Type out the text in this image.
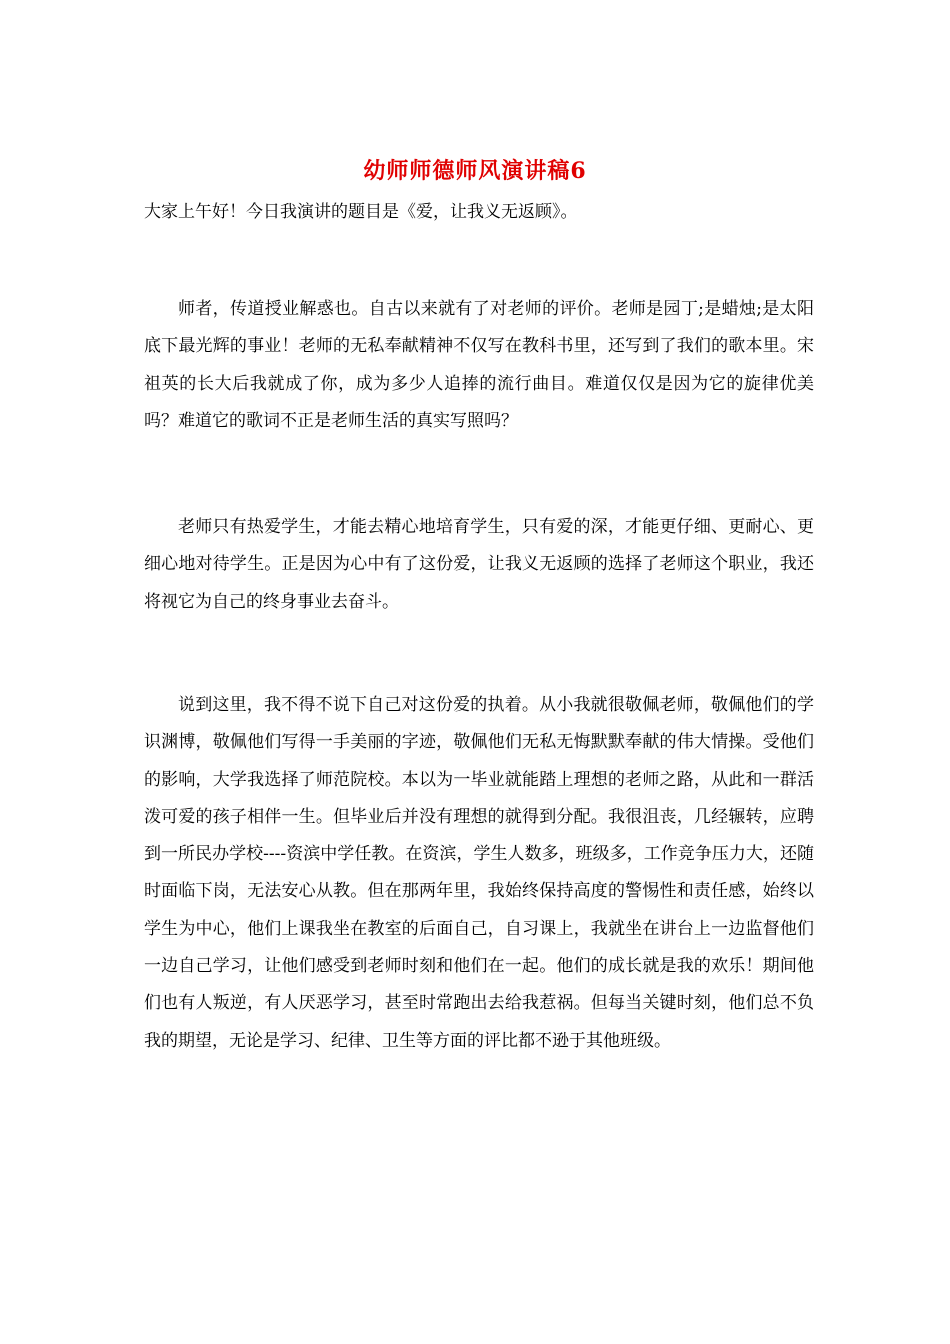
幼师师德师风演讲稿6

大家上午好！今日我演讲的题目是《爱，让我义无返顾》。

师者，传道授业解惑也。自古以来就有了对老师的评价。老师是园丁;是蜡烛;是太阳底下最光辉的事业！老师的无私奉献精神不仅写在教科书里，还写到了我们的歌本里。宋祖英的长大后我就成了你，成为多少人追捧的流行曲目。难道仅仅是因为它的旋律优美吗？难道它的歌词不正是老师生活的真实写照吗？

老师只有热爱学生，才能去精心地培育学生，只有爱的深，才能更仔细、更耐心、更细心地对待学生。正是因为心中有了这份爱，让我义无返顾的选择了老师这个职业，我还将视它为自己的终身事业去奋斗。

说到这里，我不得不说下自己对这份爱的执着。从小我就很敬佩老师，敬佩他们的学识渊博，敬佩他们写得一手美丽的字迹，敬佩他们无私无悔默默奉献的伟大情操。受他们的影响，大学我选择了师范院校。本以为一毕业就能踏上理想的老师之路，从此和一群活泼可爱的孩子相伴一生。但毕业后并没有理想的就得到分配。我很沮丧，几经辗转，应聘到一所民办学校----资滨中学任教。在资滨，学生人数多，班级多，工作竞争压力大，还随时面临下岗，无法安心从教。但在那两年里，我始终保持高度的警惕性和责任感，始终以学生为中心，他们上课我坐在教室的后面自己，自习课上，我就坐在讲台上一边监督他们一边自己学习，让他们感受到老师时刻和他们在一起。他们的成长就是我的欢乐！期间他们也有人叛逆，有人厌恶学习，甚至时常跑出去给我惹祸。但每当关键时刻，他们总不负我的期望，无论是学习、纪律、卫生等方面的评比都不逊于其他班级。
